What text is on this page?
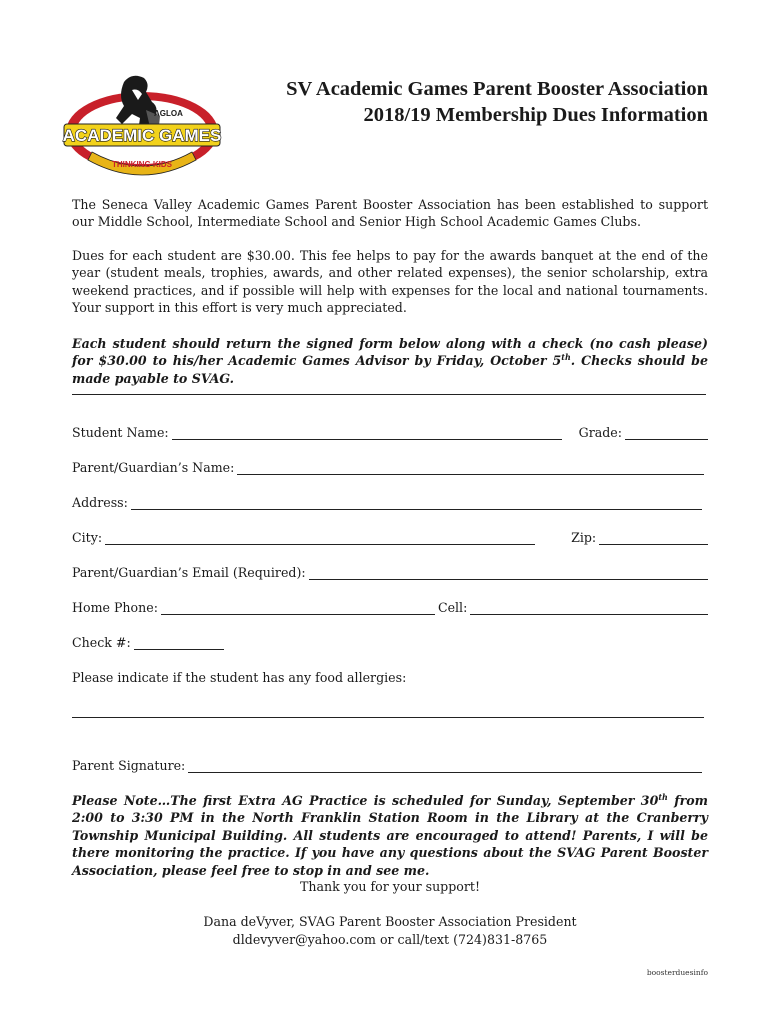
ACADEMIC GAMES
AGLOA
THINKING KIDS
SV Academic Games Parent Booster Association
2018/19 Membership Dues Information
The Seneca Valley Academic Games Parent Booster Association has been established to support our Middle School, Intermediate School and Senior High School Academic Games Clubs.
Dues for each student are $30.00. This fee helps to pay for the awards banquet at the end of the year (student meals, trophies, awards, and other related expenses), the senior scholarship, extra weekend practices, and if possible will help with expenses for the local and national tournaments. Your support in this effort is very much appreciated.
Each student should return the signed form below along with a check (no cash please) for $30.00 to his/her Academic Games Advisor by Friday, October 5th. Checks should be made payable to SVAG.
Student Name:	Grade:
Parent/Guardian’s Name:
Address:
City:	Zip:
Parent/Guardian’s Email (Required):
Home Phone:	Cell:
Check #:
Please indicate if the student has any food allergies:
Parent Signature:
Please Note…The first Extra AG Practice is scheduled for Sunday, September 30th from 2:00 to 3:30 PM in the North Franklin Station Room in the Library at the Cranberry Township Municipal Building. All students are encouraged to attend! Parents, I will be there monitoring the practice. If you have any questions about the SVAG Parent Booster Association, please feel free to stop in and see me.
Thank you for your support!
Dana deVyver, SVAG Parent Booster Association President
dldevyver@yahoo.com or call/text (724)831-8765
boosterduesinfo
